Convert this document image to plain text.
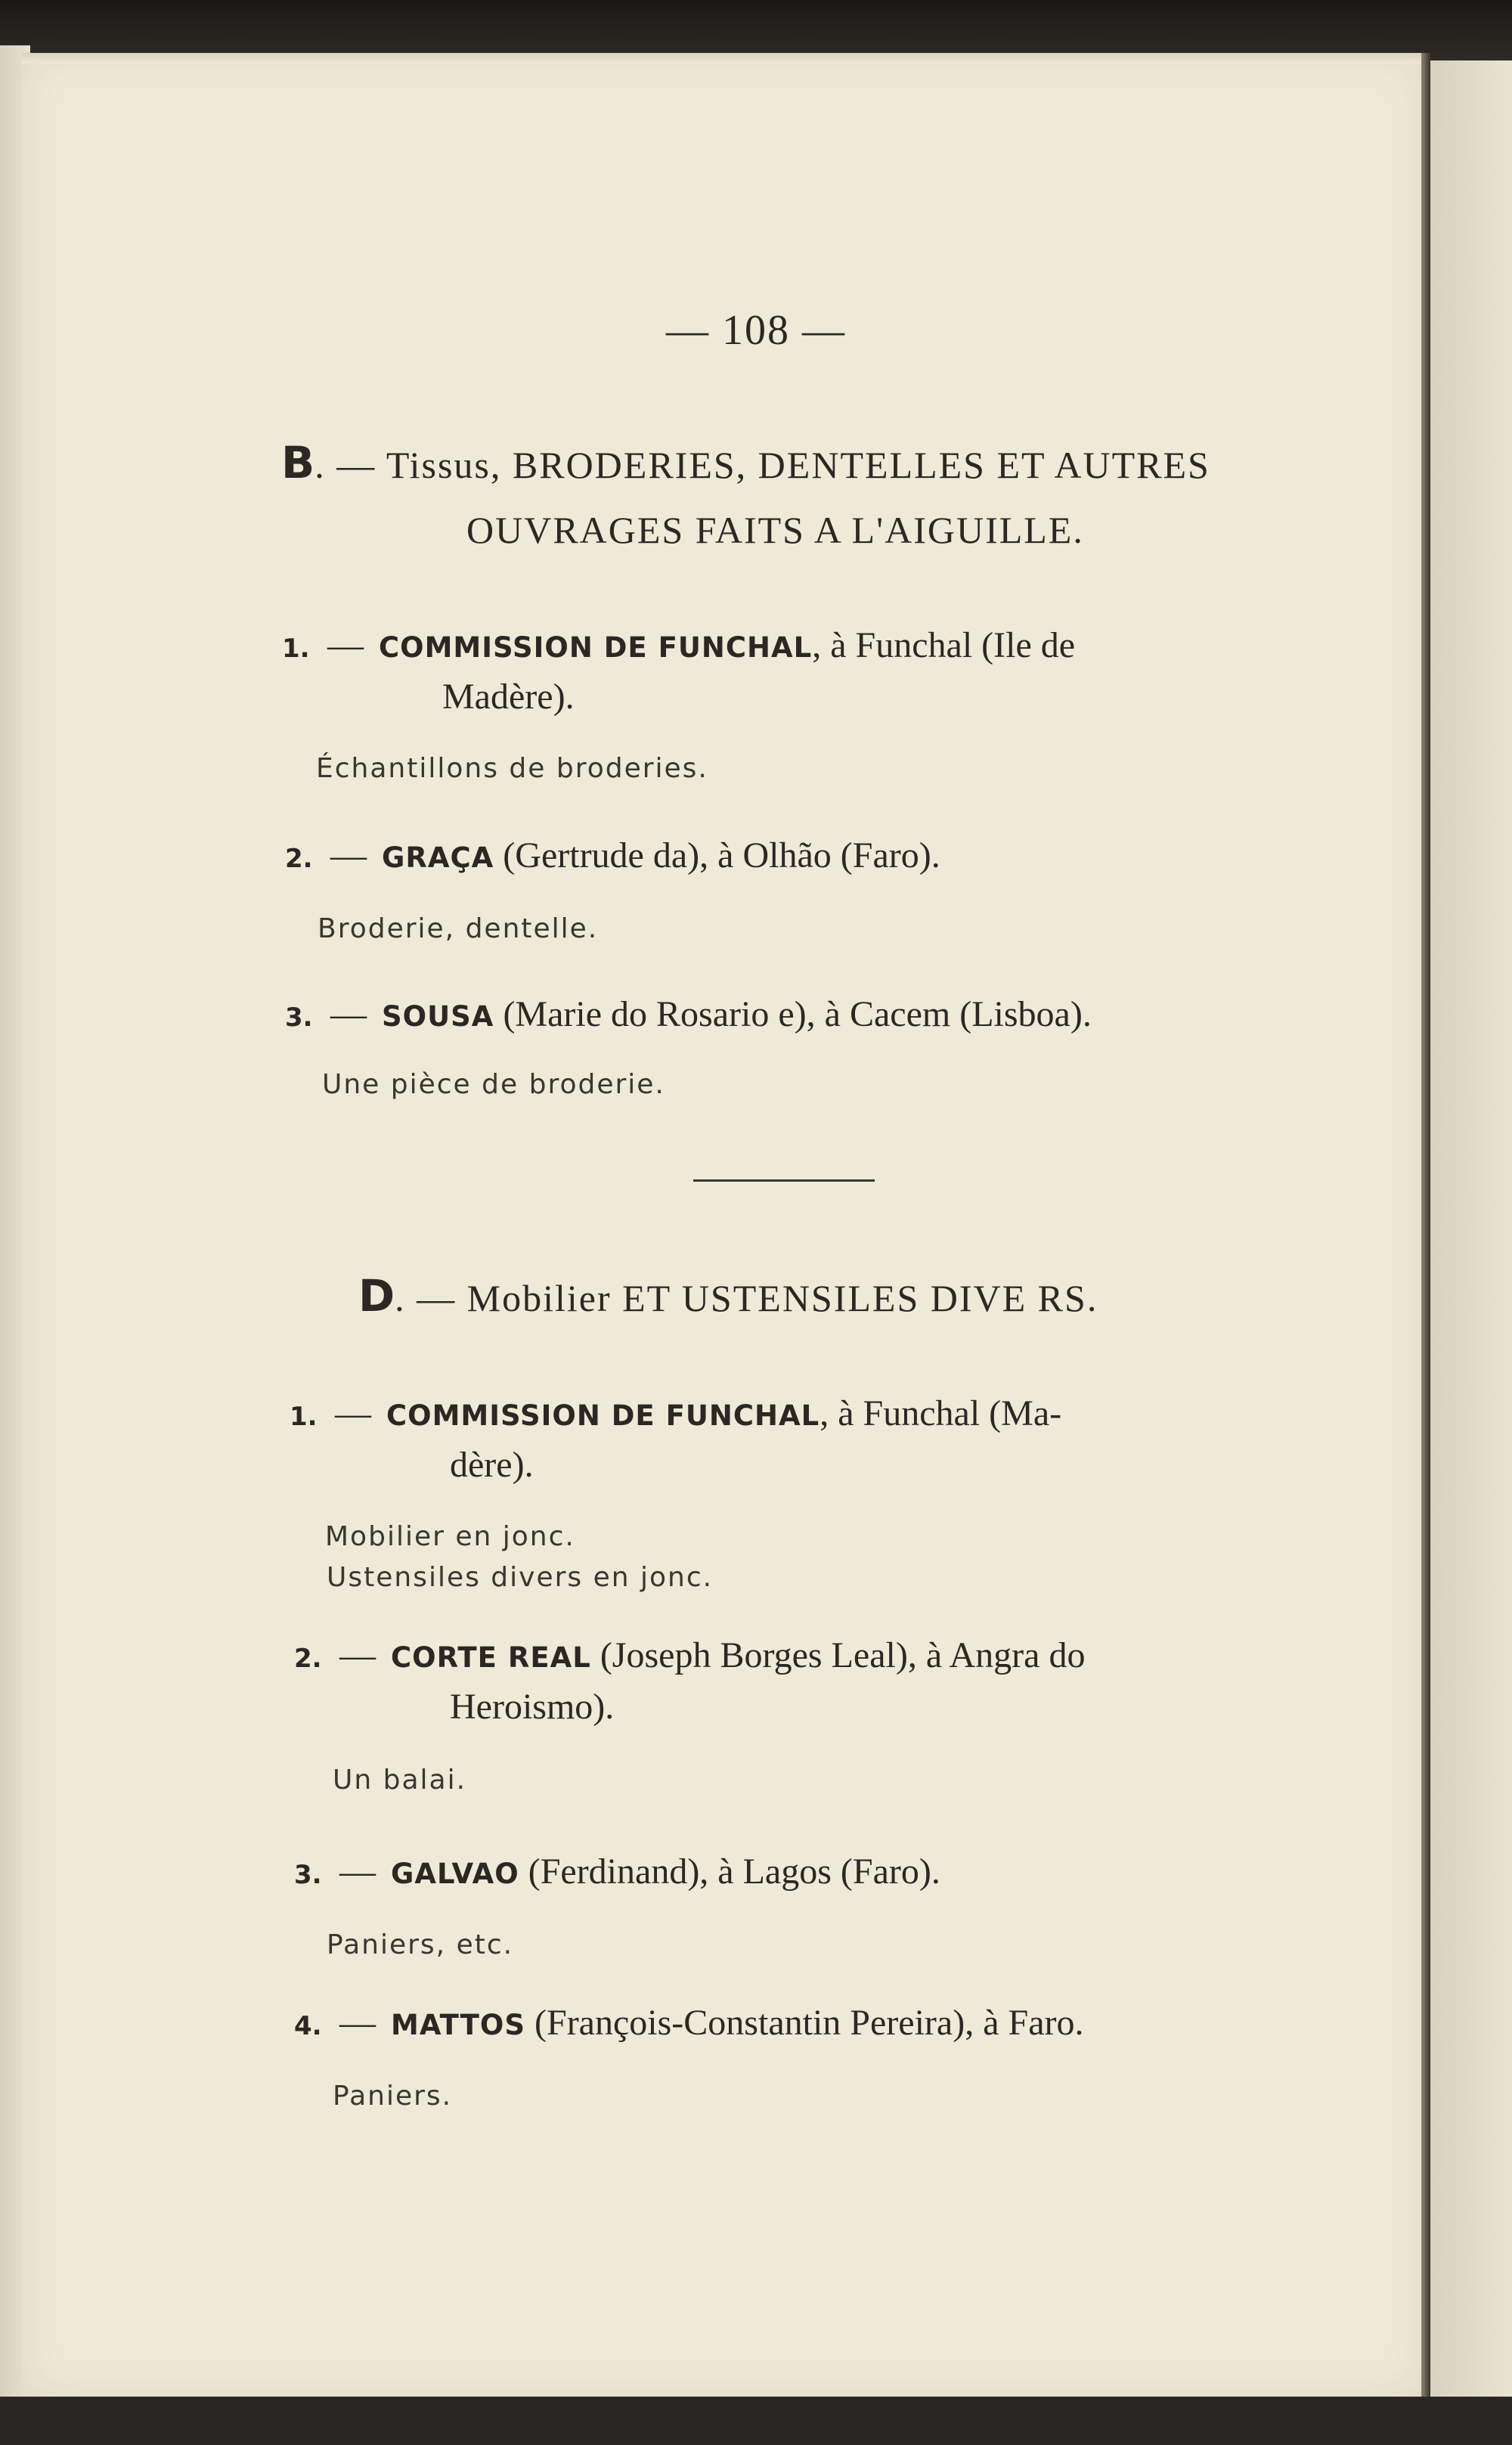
— 108 —
B. — Tissus, BRODERIES, DENTELLES ET AUTRES
OUVRAGES FAITS A L'AIGUILLE.
1. — COMMISSION DE FUNCHAL, à Funchal (Ile de
Madère).
Échantillons de broderies.
2. — GRAÇA (Gertrude da), à Olhão (Faro).
Broderie, dentelle.
3. — SOUSA (Marie do Rosario e), à Cacem (Lisboa).
Une pièce de broderie.
D. — Mobilier ET USTENSILES DIVE RS.
1. — COMMISSION DE FUNCHAL, à Funchal (Ma-
dère).
Mobilier en jonc.
Ustensiles divers en jonc.
2. — CORTE REAL (Joseph Borges Leal), à Angra do
Heroismo).
Un balai.
3. — GALVAO (Ferdinand), à Lagos (Faro).
Paniers, etc.
4. — MATTOS (François-Constantin Pereira), à Faro.
Paniers.
